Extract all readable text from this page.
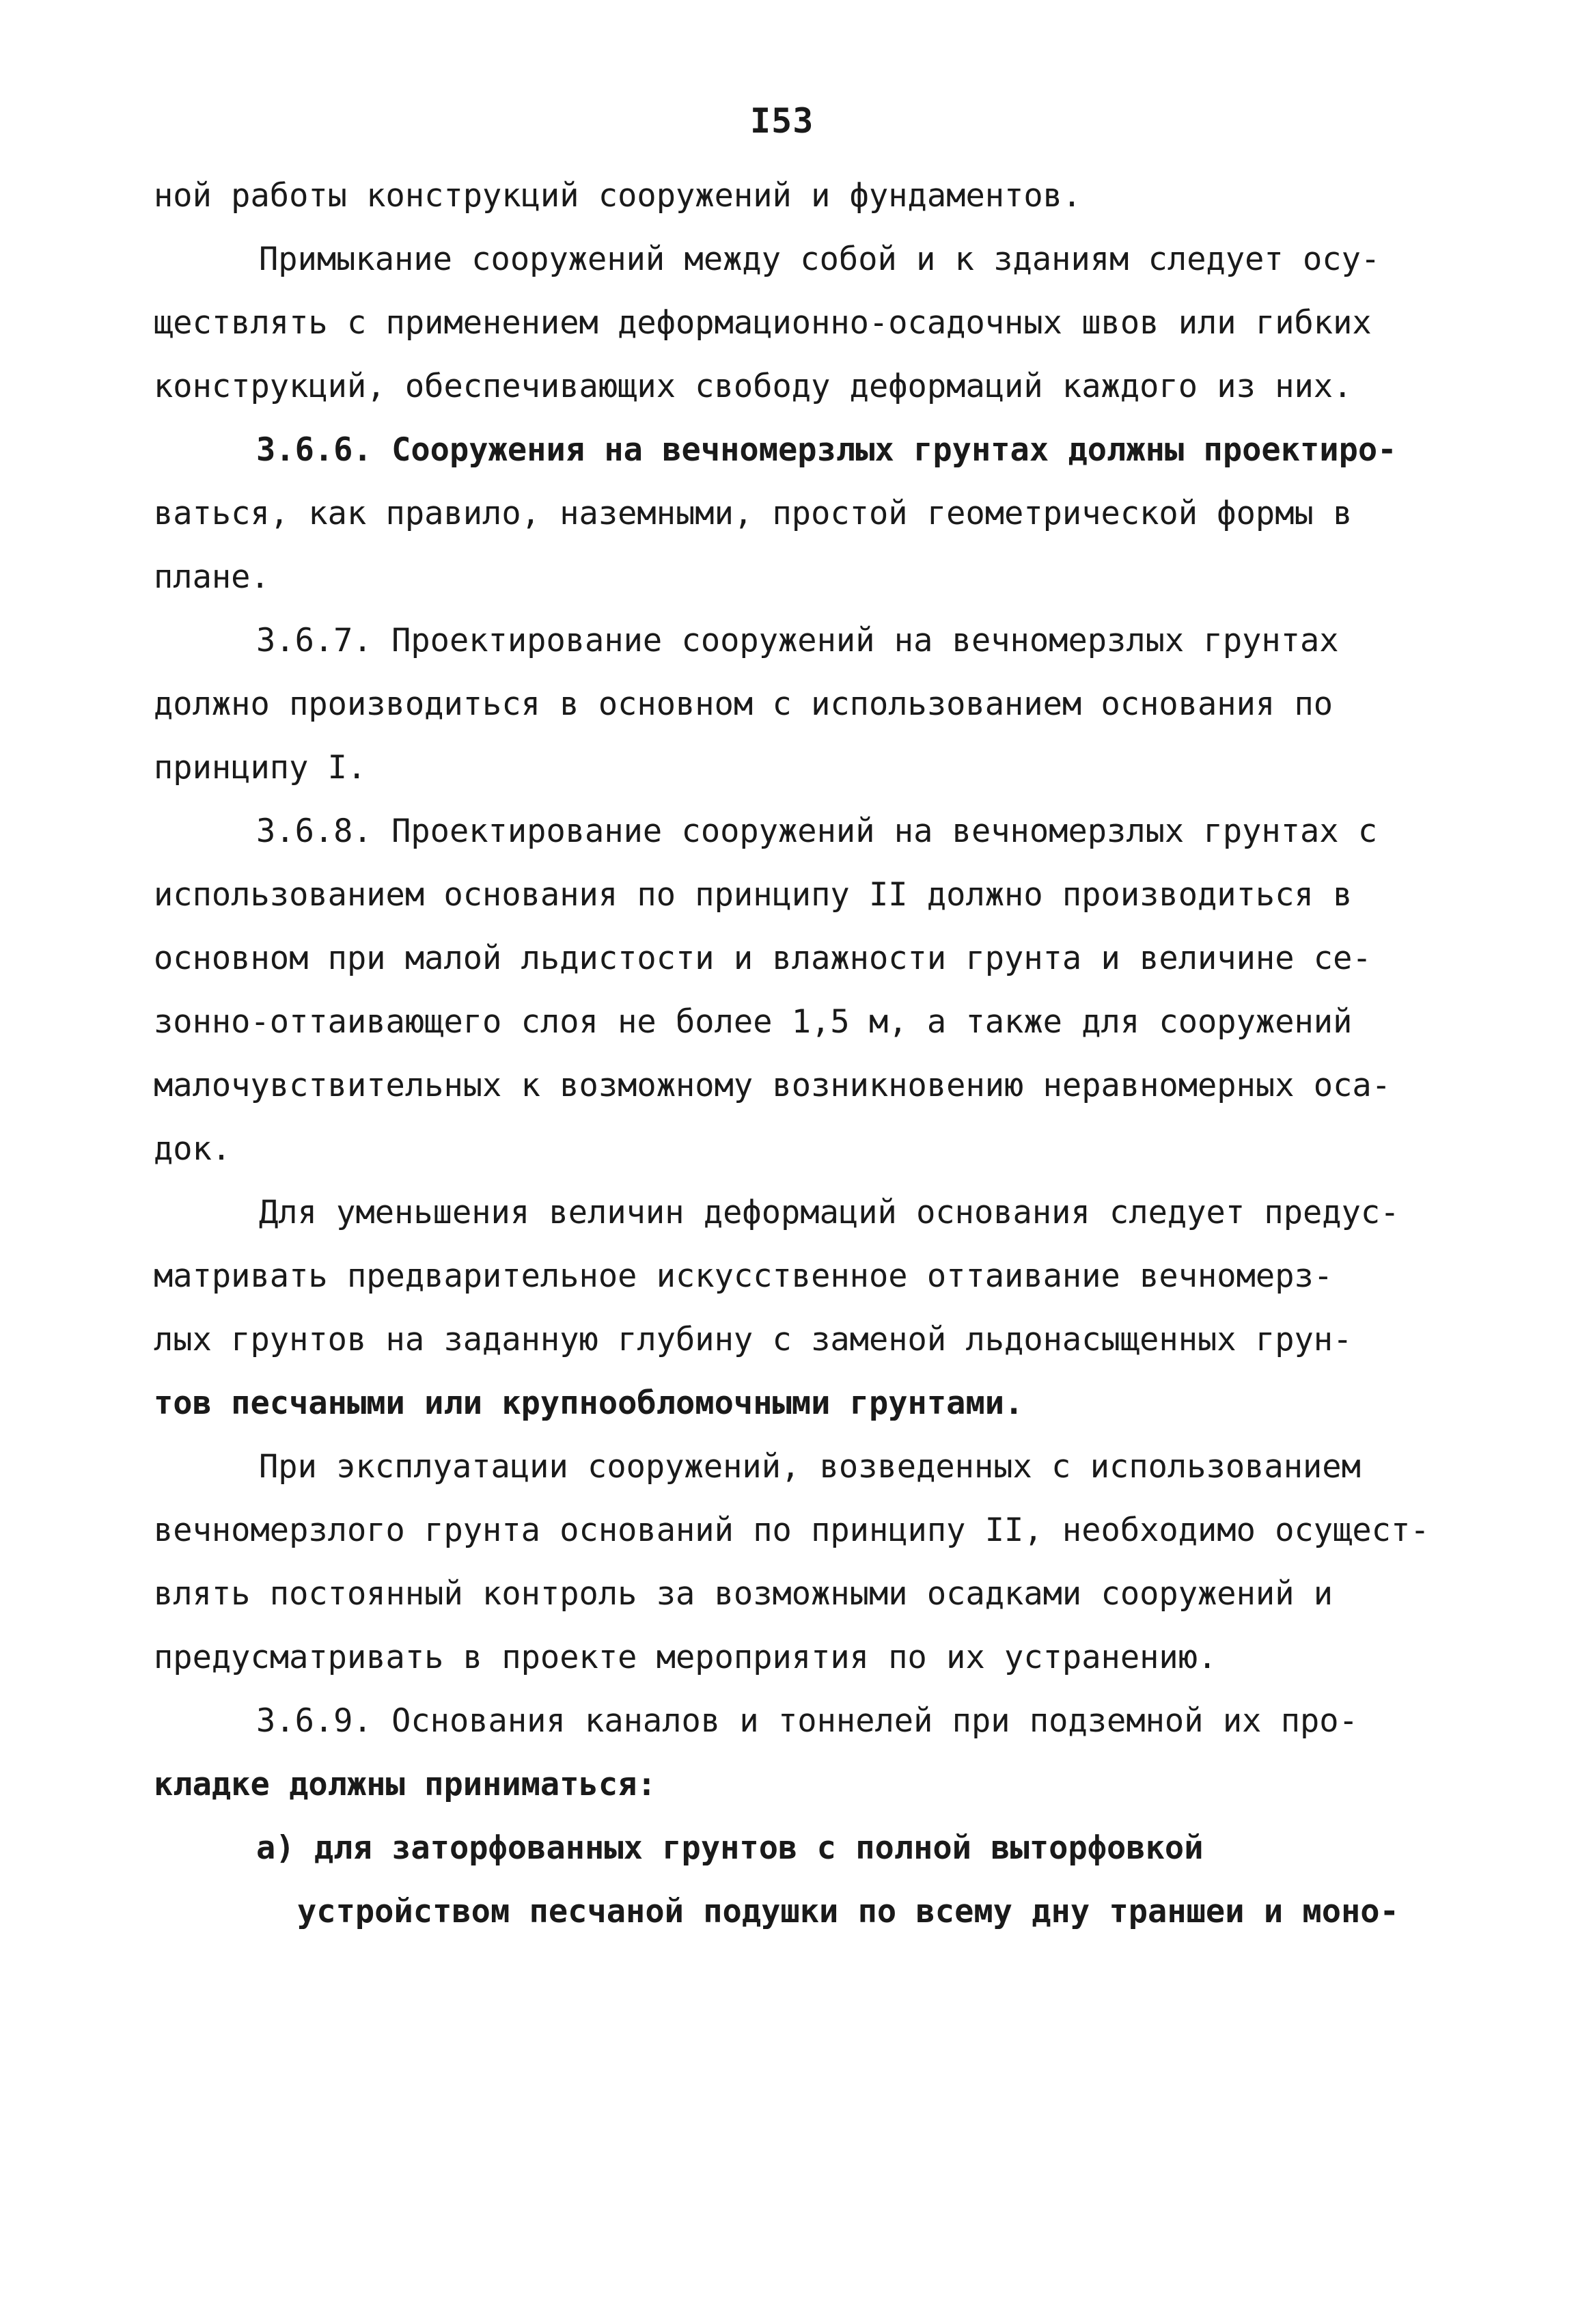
I53
ной работы конструкций сооружений и фундаментов.
Примыкание сооружений между собой и к зданиям следует осу-
ществлять с применением деформационно-осадочных швов или гибких
конструкций, обеспечивающих свободу деформаций каждого из них.
3.6.6. Сооружения на вечномерзлых грунтах должны проектиро-
ваться, как правило, наземными, простой геометрической формы в
плане.
3.6.7. Проектирование сооружений на вечномерзлых грунтах
должно производиться в основном с использованием основания по
принципу I.
3.6.8. Проектирование сооружений на вечномерзлых грунтах с
использованием основания по принципу II должно производиться в
основном при малой льдистости и влажности грунта и величине се-
зонно-оттаивающего слоя не более 1,5 м, а также для сооружений
малочувствительных к возможному возникновению неравномерных оса-
док.
Для уменьшения величин деформаций основания следует предус-
матривать предварительное искусственное оттаивание вечномерз-
лых грунтов на заданную глубину с заменой льдонасыщенных грун-
тов песчаными или крупнообломочными грунтами.
При эксплуатации сооружений, возведенных с использованием
вечномерзлого грунта оснований по принципу II, необходимо осущест-
влять постоянный контроль за возможными осадками сооружений и
предусматривать в проекте мероприятия по их устранению.
3.6.9. Основания каналов и тоннелей при подземной их про-
кладке должны приниматься:
а) для заторфованных грунтов с полной выторфовкой
устройством песчаной подушки по всему дну траншеи и моно-
